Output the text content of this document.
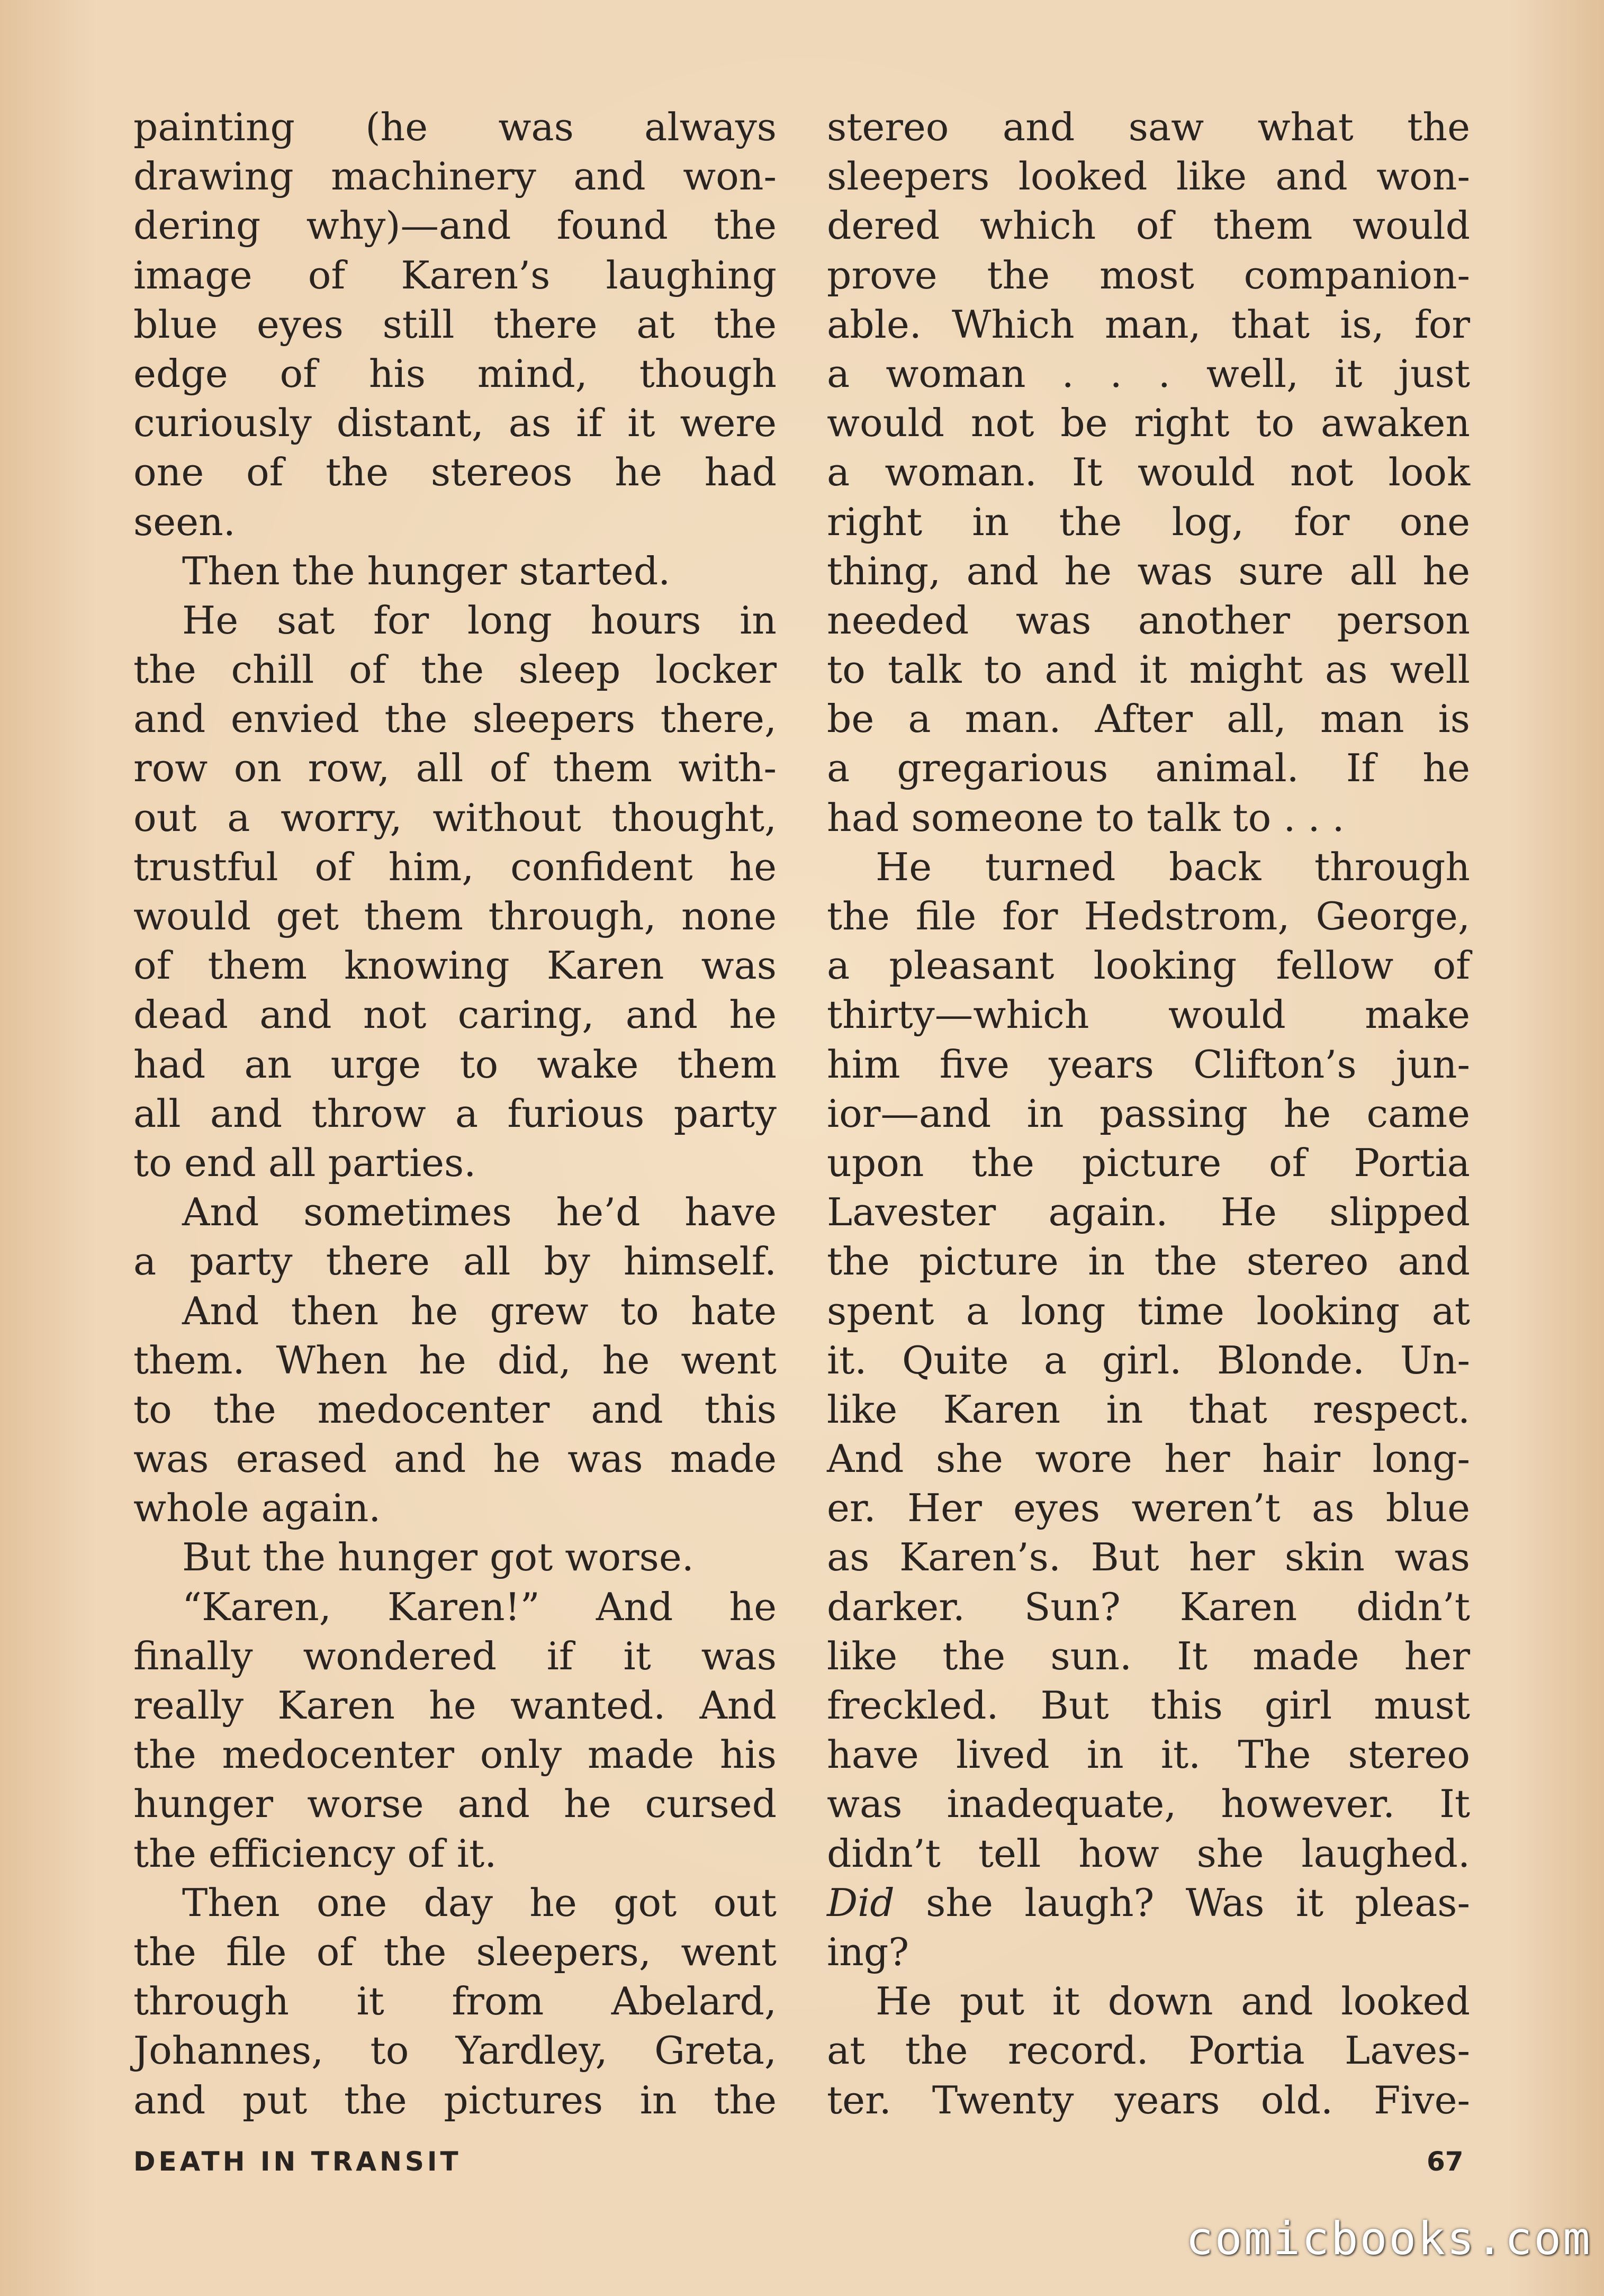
painting (he was always
drawing machinery and won-
dering why)—and found the
image of Karen’s laughing
blue eyes still there at the
edge of his mind, though
curiously distant, as if it were
one of the stereos he had
seen.
Then the hunger started.
He sat for long hours in
the chill of the sleep locker
and envied the sleepers there,
row on row, all of them with-
out a worry, without thought,
trustful of him, confident he
would get them through, none
of them knowing Karen was
dead and not caring, and he
had an urge to wake them
all and throw a furious party
to end all parties.
And sometimes he’d have
a party there all by himself.
And then he grew to hate
them. When he did, he went
to the medocenter and this
was erased and he was made
whole again.
But the hunger got worse.
“Karen, Karen!” And he
finally wondered if it was
really Karen he wanted. And
the medocenter only made his
hunger worse and he cursed
the efficiency of it.
Then one day he got out
the file of the sleepers, went
through it from Abelard,
Johannes, to Yardley, Greta,
and put the pictures in the
stereo and saw what the
sleepers looked like and won-
dered which of them would
prove the most companion-
able. Which man, that is, for
a woman . . . well, it just
would not be right to awaken
a woman. It would not look
right in the log, for one
thing, and he was sure all he
needed was another person
to talk to and it might as well
be a man. After all, man is
a gregarious animal. If he
had someone to talk to . . .
He turned back through
the file for Hedstrom, George,
a pleasant looking fellow of
thirty—which would make
him five years Clifton’s jun-
ior—and in passing he came
upon the picture of Portia
Lavester again. He slipped
the picture in the stereo and
spent a long time looking at
it. Quite a girl. Blonde. Un-
like Karen in that respect.
And she wore her hair long-
er. Her eyes weren’t as blue
as Karen’s. But her skin was
darker. Sun? Karen didn’t
like the sun. It made her
freckled. But this girl must
have lived in it. The stereo
was inadequate, however. It
didn’t tell how she laughed.
Did she laugh? Was it pleas-
ing?
He put it down and looked
at the record. Portia Laves-
ter. Twenty years old. Five-
DEATH IN TRANSIT	67
comicbooks.com
